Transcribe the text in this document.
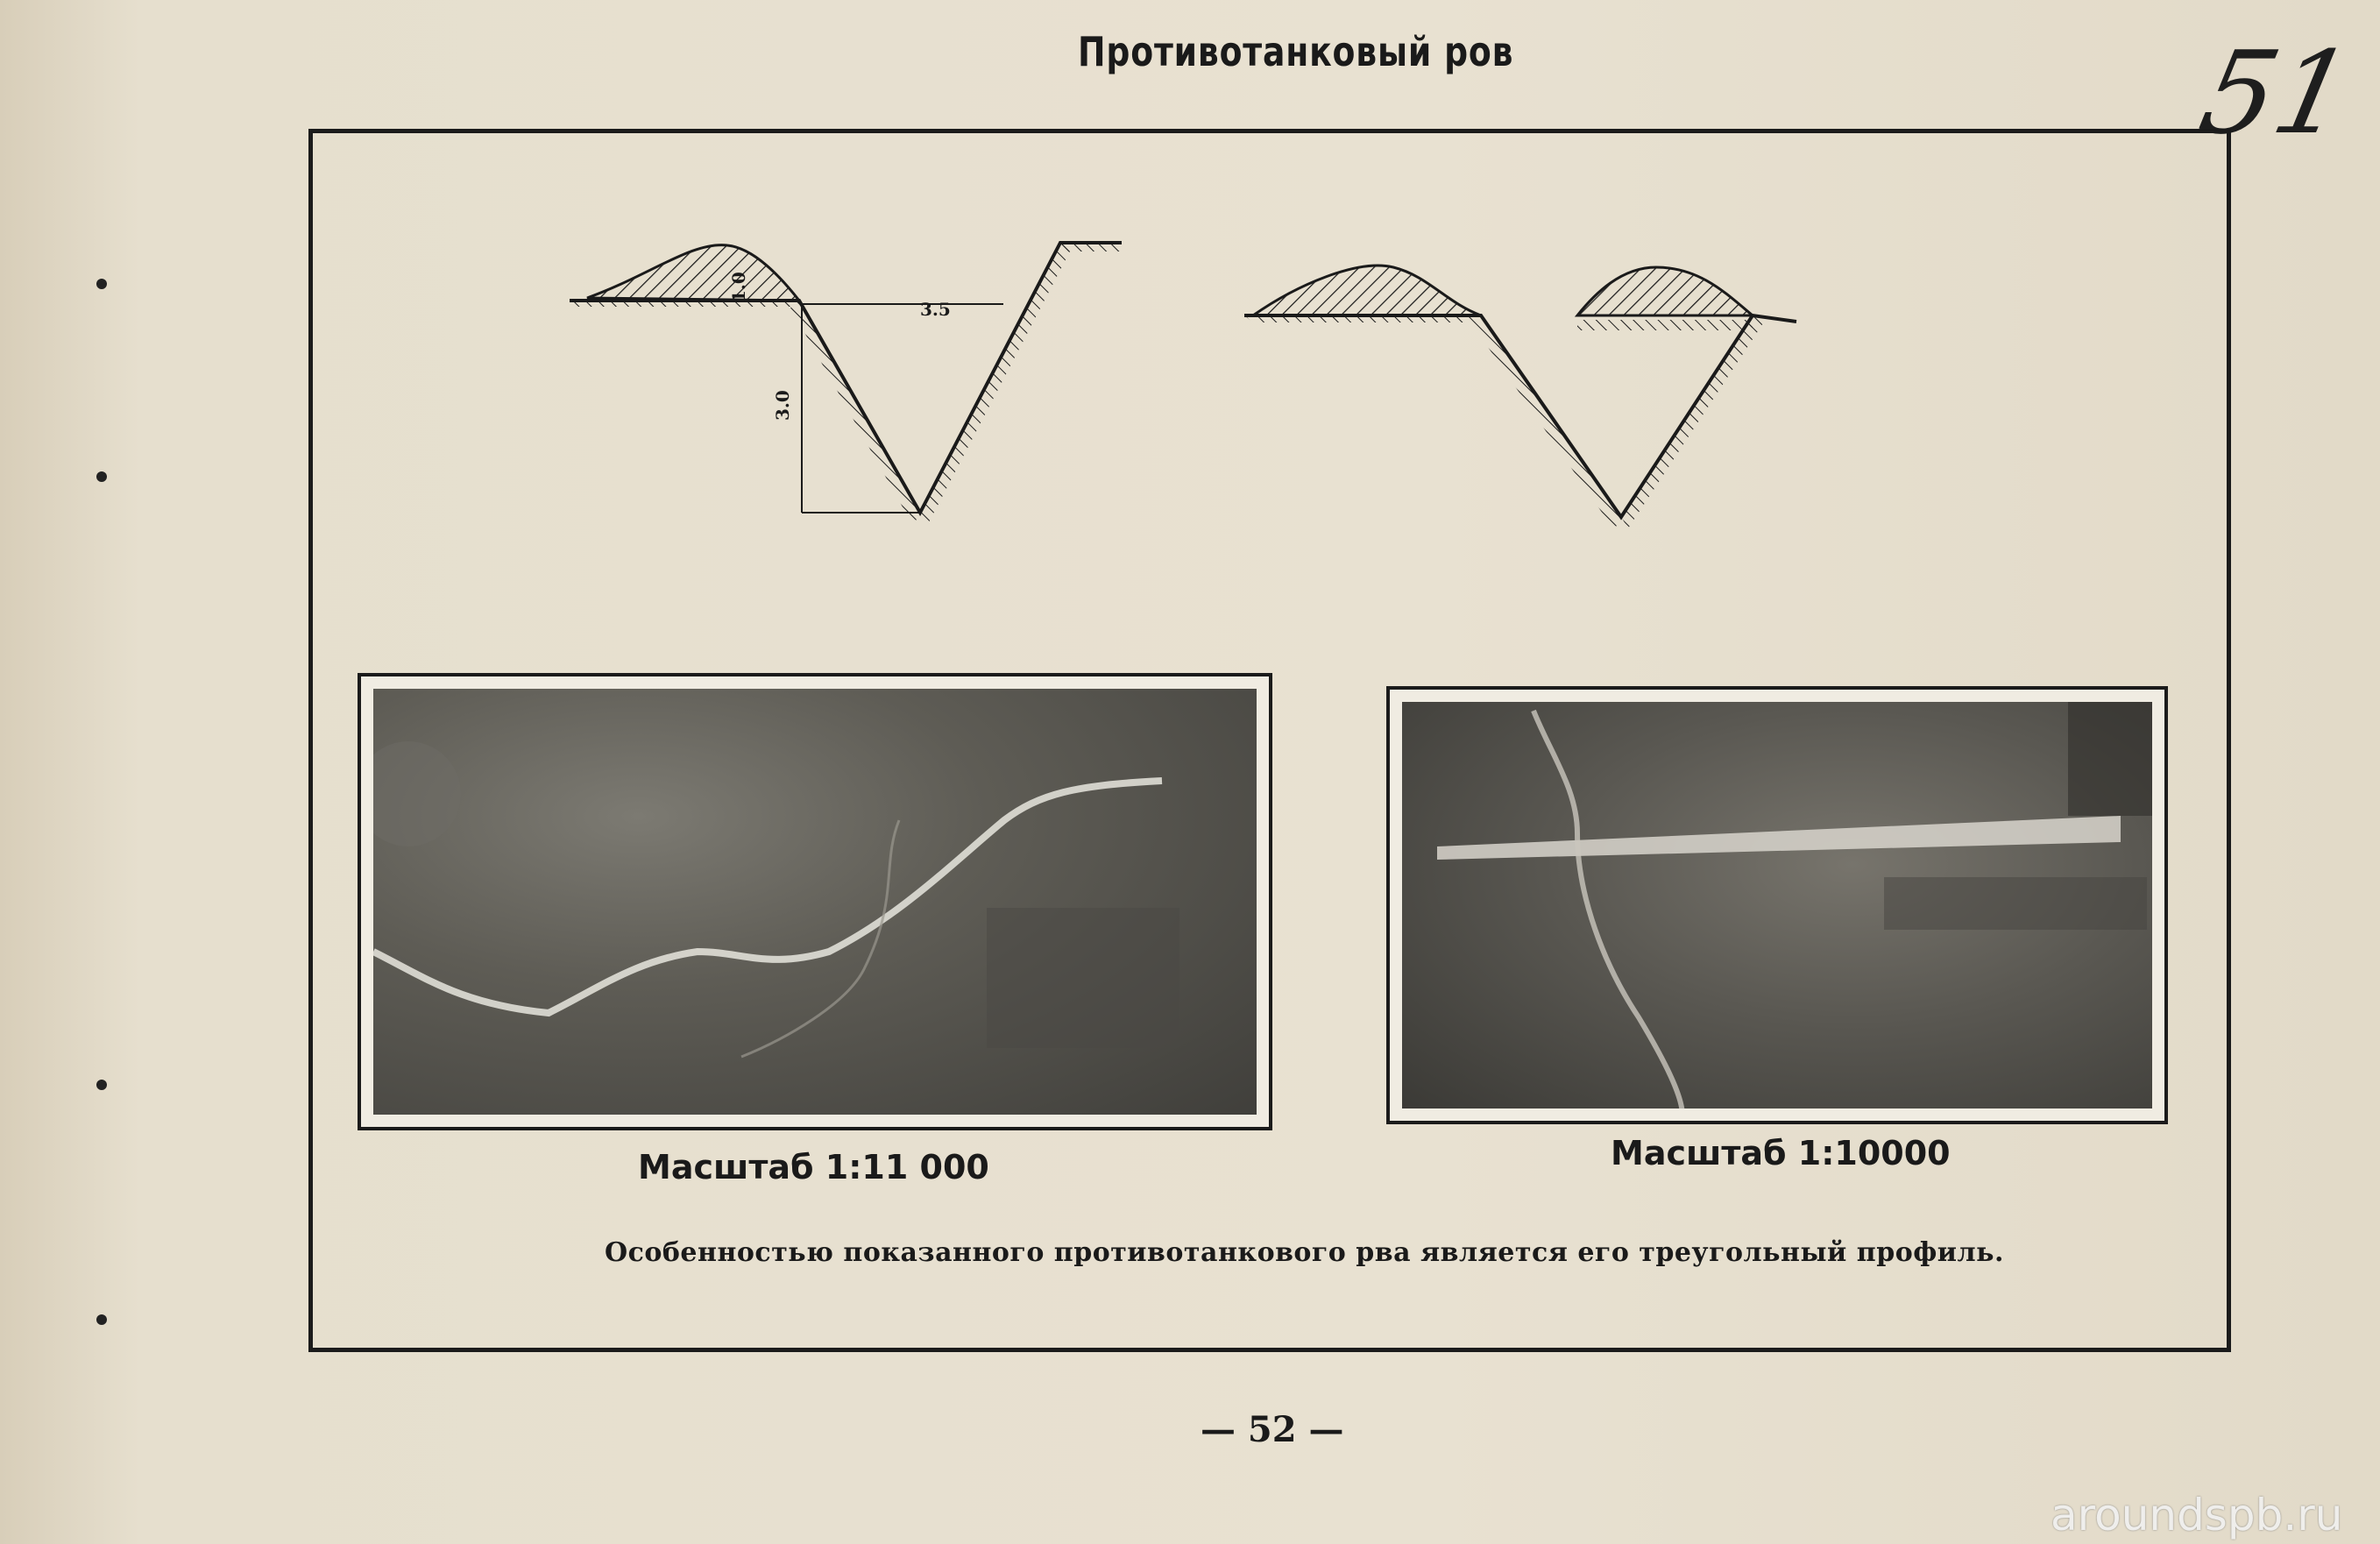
Противотанковый ров	51
3.5
3.0
1.0
Масштаб 1:11 000	Масштаб 1:10000
Особенностью показанного противотанкового рва является его треугольный профиль.
— 52 —
aroundspb.ru
